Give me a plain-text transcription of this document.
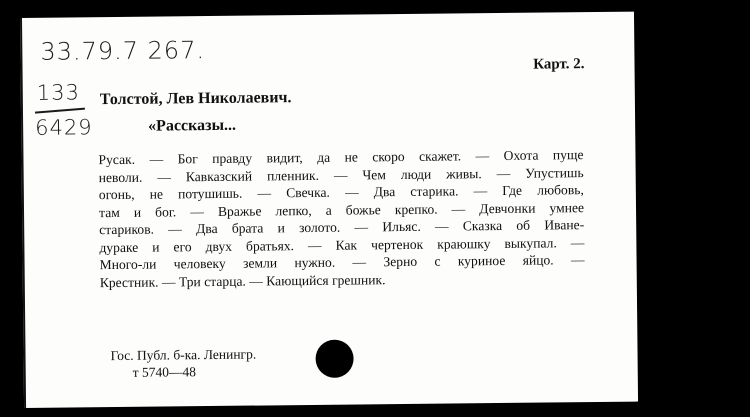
33.79.7 267.
133
6429
Карт. 2.
Толстой, Лев Николаевич.
«Рассказы...
Русак. — Бог правду видит, да не скоро скажет. — Охота пуще
неволи. — Кавказский пленник. — Чем люди живы. — Упустишь
огонь, не потушишь. — Свечка. — Два старика. — Где любовь,
там и бог. — Вражье лепко, а божье крепко. — Девчонки умнее
стариков. — Два брата и золото. — Ильяс. — Сказка об Иване-
дураке и его двух братьях. — Как чертенок краюшку выкупал. —
Много-ли человеку земли нужно. — Зерно с куриное яйцо. —
Крестник. — Три старца. — Кающийся грешник.
Гос. Публ. б-ка. Ленингр.
т 5740—48
